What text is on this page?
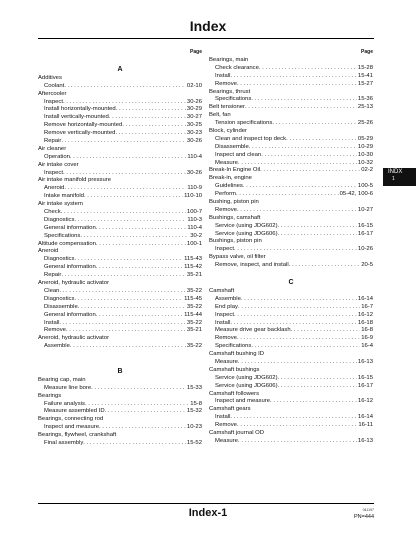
Index
Page
A
Additives
Coolant . . .	02-10
Aftercooler
Inspect . . .	30-26
Install horizontally-mounted . . .	30-29
Install vertically-mounted . . .	30-27
Remove horizontally-mounted . . .	30-25
Remove vertically-mounted . . .	30-23
Repair . . .	30-26
Air cleaner
Operation . . .	110-4
Air intake cover
Inspect . . .	30-26
Air intake manifold pressure
Aneroid . . .	110-9
Intake manifold . . .	110-10
Air intake system
Check . . .	100-7
Diagnostics . . .	110-3
General information . . .	110-4
Specifications . . .	30-2
Altitude compensation . . .	100-1
Aneroid
Diagnostics . . .	115-43
General information . . .	115-42
Repair . . .	35-21
Aneroid, hydraulic activator
Clean . . .	35-22
Diagnostics . . .	115-45
Disassemble . . .	35-22
General information . . .	115-44
Install . . .	35-22
Remove . . .	35-21
Aneroid, hydraulic activator
Assemble . . .	35-22
B
Bearing cap, main
Measure line bore . . .	15-33
Bearings
Failure analysis . . .	15-8
Measure assembled ID . . .	15-32
Bearings, connecting rod
Inspect and measure . . .	10-23
Bearings, flywheel, crankshaft
Final assembly . . .	15-52
Page
Bearings, main
Check clearance . . .	15-28
Install . . .	15-41
Remove . . .	15-27
Bearings, thrust
Specifications . . .	15-36
Belt tensioner . . .	25-13
Belt, fan
Tension specifications . . .	25-26
Block, cylinder
Clean and inspect top deck . . .	05-29
Disassemble . . .	10-29
Inspect and clean . . .	10-30
Measure . . .	10-32
Break-In Engine Oil . . .	02-2
Break-in, engine
Guidelines . . .	100-5
Perform . . .	05-42, 100-6
Bushing, piston pin
Remove . . .	10-27
Bushings, camshaft
Service (using JDG602) . . .	16-15
Service (using JDG606) . . .	16-17
Bushings, piston pin
Inspect . . .	10-26
Bypass valve, oil filter
Remove, inspect, and install . . .	20-5
C
Camshaft
Assemble . . .	16-14
End play . . .	16-7
Inspect . . .	16-12
Install . . .	16-18
Measure drive gear backlash . . .	16-8
Remove . . .	16-9
Specifications . . .	16-4
Camshaft bushing ID
Measure . . .	16-13
Camshaft bushings
Service (using JDG602) . . .	16-15
Service (using JDG606) . . .	16-17
Camshaft followers
Inspect and measure . . .	16-12
Camshaft gears
Install . . .	16-14
Remove . . .	16-11
Camshaft journal OD
Measure . . .	16-13
INDX
1
Index-1	041197
PN=444
